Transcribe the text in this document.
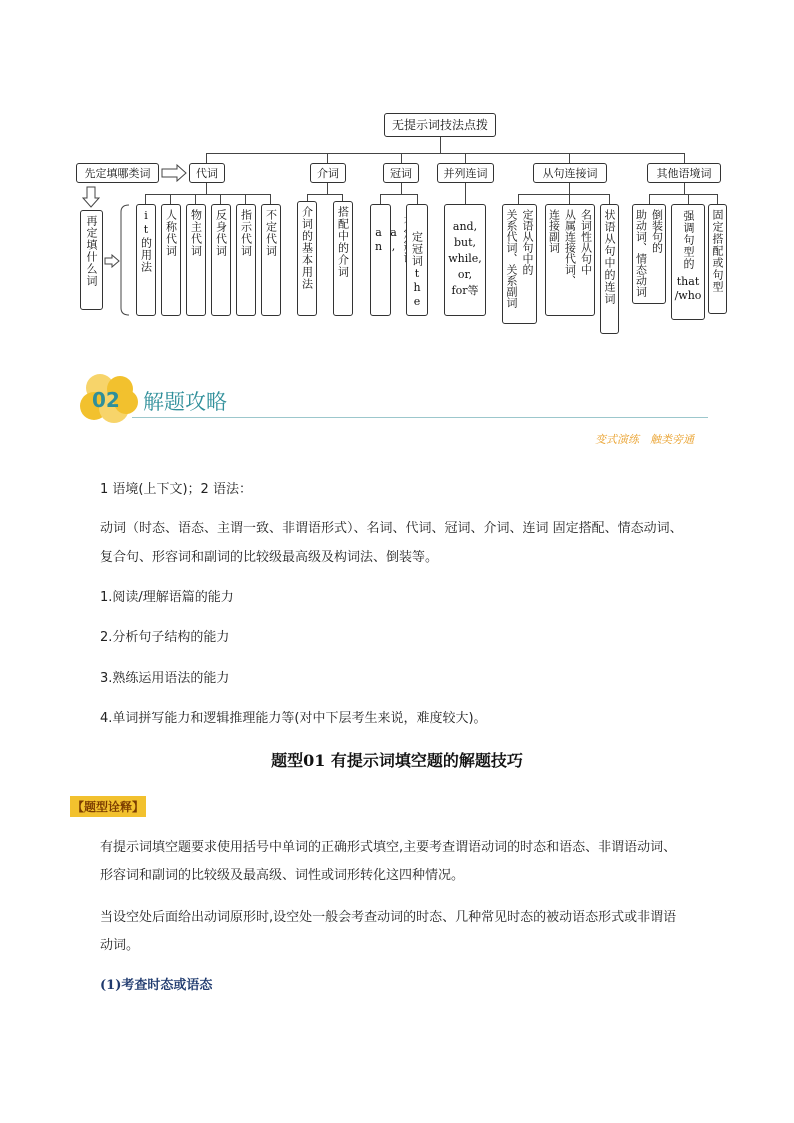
无提示词技法点拨
先定填哪类词
再定填什么词
代词	介词	冠词	并列连词	从句连接词	其他语境词
it的用法 人称代词 物主代词 反身代词 指示代词 不定代词 介词的基本用法 搭配中的介词	a, an	定冠词the
and,
but,
while,
or,
for等
定语从句中的
关系代词、关系副词	名词性从句中
从属连接代词、
连接副词	状语从句中的连词	倒装句的
助动词、情态动词	强调句型的
that
/who
固定搭配或句型
02 解题攻略
变式演练　触类旁通
1 语境(上下文)；2 语法：
动词（时态、语态、主谓一致、非谓语形式）、名词、代词、冠词、介词、连词 固定搭配、情态动词、
复合句、形容词和副词的比较级最高级及构词法、倒装等。
1.阅读/理解语篇的能力
2.分析句子结构的能力
3.熟练运用语法的能力
4.单词拼写能力和逻辑推理能力等(对中下层考生来说，难度较大)。
题型01 有提示词填空题的解题技巧
【题型诠释】
有提示词填空题要求使用括号中单词的正确形式填空,主要考查谓语动词的时态和语态、非谓语动词、
形容词和副词的比较级及最高级、词性或词形转化这四种情况。
当设空处后面给出动词原形时,设空处一般会考查动词的时态、几种常见时态的被动语态形式或非谓语
动词。
(1)考查时态或语态
